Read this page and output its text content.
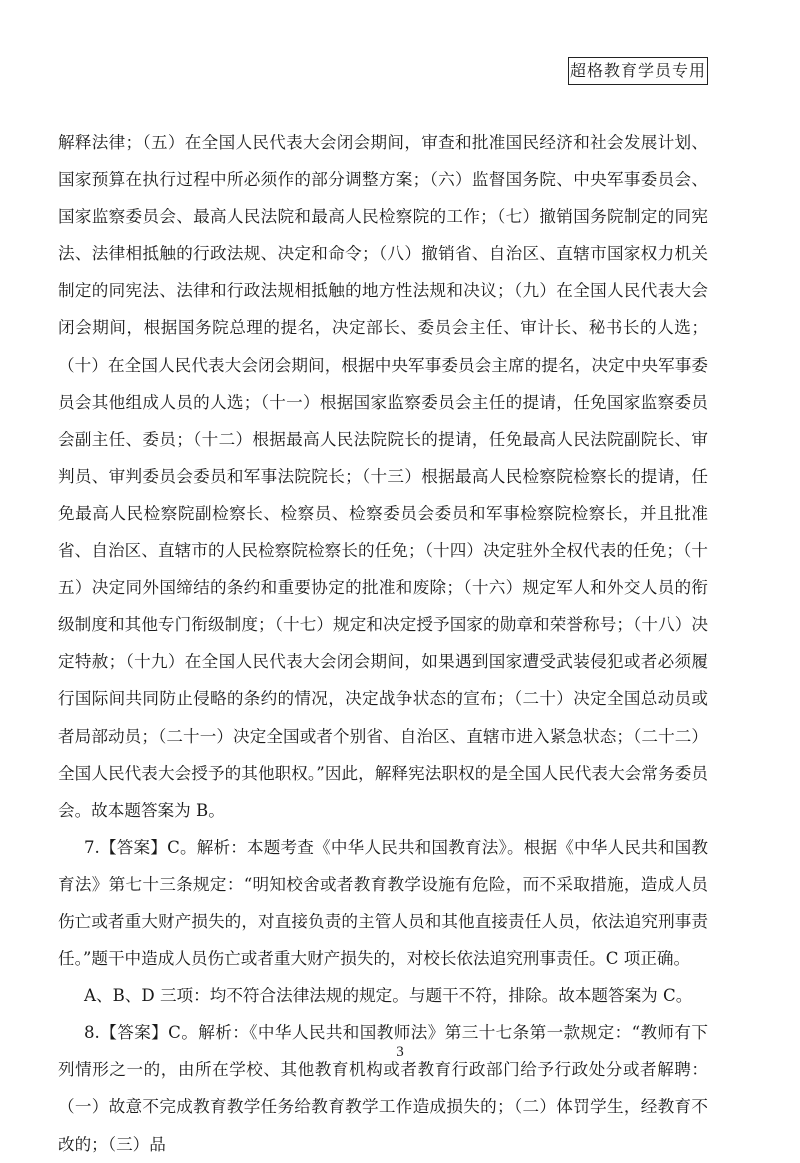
超格教育学员专用

解释法律；（五）在全国人民代表大会闭会期间，审查和批准国民经济和社会发展计划、国家预算在执行过程中所必须作的部分调整方案；（六）监督国务院、中央军事委员会、国家监察委员会、最高人民法院和最高人民检察院的工作；（七）撤销国务院制定的同宪法、法律相抵触的行政法规、决定和命令；（八）撤销省、自治区、直辖市国家权力机关制定的同宪法、法律和行政法规相抵触的地方性法规和决议；（九）在全国人民代表大会闭会期间，根据国务院总理的提名，决定部长、委员会主任、审计长、秘书长的人选；（十）在全国人民代表大会闭会期间，根据中央军事委员会主席的提名，决定中央军事委员会其他组成人员的人选；（十一）根据国家监察委员会主任的提请，任免国家监察委员会副主任、委员；（十二）根据最高人民法院院长的提请，任免最高人民法院副院长、审判员、审判委员会委员和军事法院院长；（十三）根据最高人民检察院检察长的提请，任免最高人民检察院副检察长、检察员、检察委员会委员和军事检察院检察长，并且批准省、自治区、直辖市的人民检察院检察长的任免；（十四）决定驻外全权代表的任免；（十五）决定同外国缔结的条约和重要协定的批准和废除；（十六）规定军人和外交人员的衔级制度和其他专门衔级制度；（十七）规定和决定授予国家的勋章和荣誉称号；（十八）决定特赦；（十九）在全国人民代表大会闭会期间，如果遇到国家遭受武装侵犯或者必须履行国际间共同防止侵略的条约的情况，决定战争状态的宣布；（二十）决定全国总动员或者局部动员；（二十一）决定全国或者个别省、自治区、直辖市进入紧急状态；（二十二）全国人民代表大会授予的其他职权。”因此，解释宪法职权的是全国人民代表大会常务委员会。故本题答案为 B。

7.【答案】C。解析：本题考查《中华人民共和国教育法》。根据《中华人民共和国教育法》第七十三条规定：“明知校舍或者教育教学设施有危险，而不采取措施，造成人员伤亡或者重大财产损失的，对直接负责的主管人员和其他直接责任人员，依法追究刑事责任。”题干中造成人员伤亡或者重大财产损失的，对校长依法追究刑事责任。C 项正确。

A、B、D 三项：均不符合法律法规的规定。与题干不符，排除。故本题答案为 C。

8.【答案】C。解析：《中华人民共和国教师法》第三十七条第一款规定：“教师有下列情形之一的，由所在学校、其他教育机构或者教育行政部门给予行政处分或者解聘：（一）故意不完成教育教学任务给教育教学工作造成损失的；（二）体罚学生，经教育不改的；（三）品

3
